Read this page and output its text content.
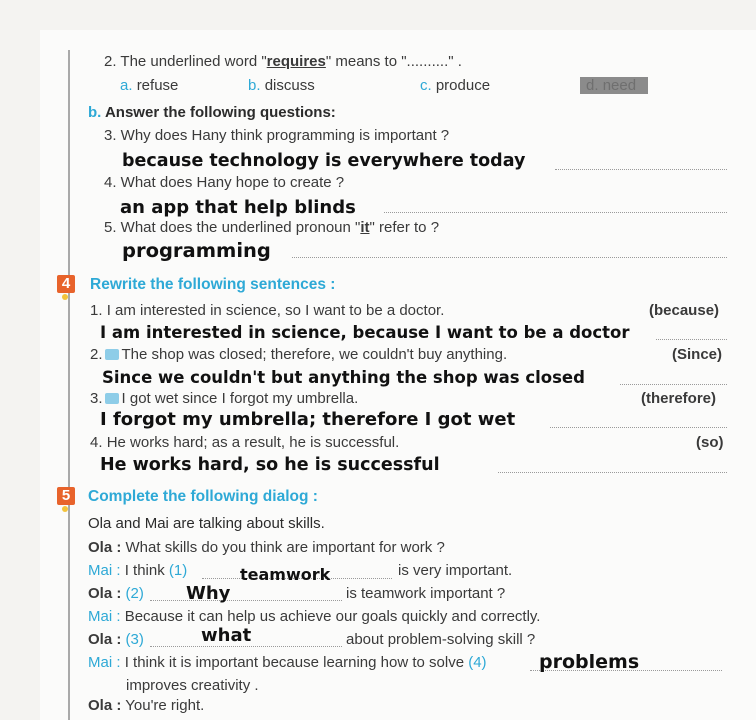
2. The underlined word "requires" means to ".........." .
a. refuse	b. discuss	c. produce	d. need
b. Answer the following questions:
3. Why does Hany think programming is important ?
because technology is everywhere today
4. What does Hany hope to create ?
an app that help blinds
5. What does the underlined pronoun "it" refer to ?
programming
4	Rewrite the following sentences :
1. I am interested in science, so I want to be a doctor.	(because)
I am interested in science, because I want to be a doctor
2. The shop was closed; therefore, we couldn't buy anything.	(Since)
Since we couldn't but anything the shop was closed
3. I got wet since I forgot my umbrella.	(therefore)
I forgot my umbrella; therefore I got wet
4. He works hard; as a result, he is successful.	(so)
He works hard, so he is successful
5	Complete the following dialog :
Ola and Mai are talking about skills.
Ola : What skills do you think are important for work ?
Mai : I think (1)	teamwork	is very important.
Ola : (2) Why	is teamwork important ?
Mai : Because it can help us achieve our goals quickly and correctly.
Ola : (3)	what	about problem-solving skill ?
Mai : I think it is important because learning how to solve (4)	problems
improves creativity .
Ola : You're right.
